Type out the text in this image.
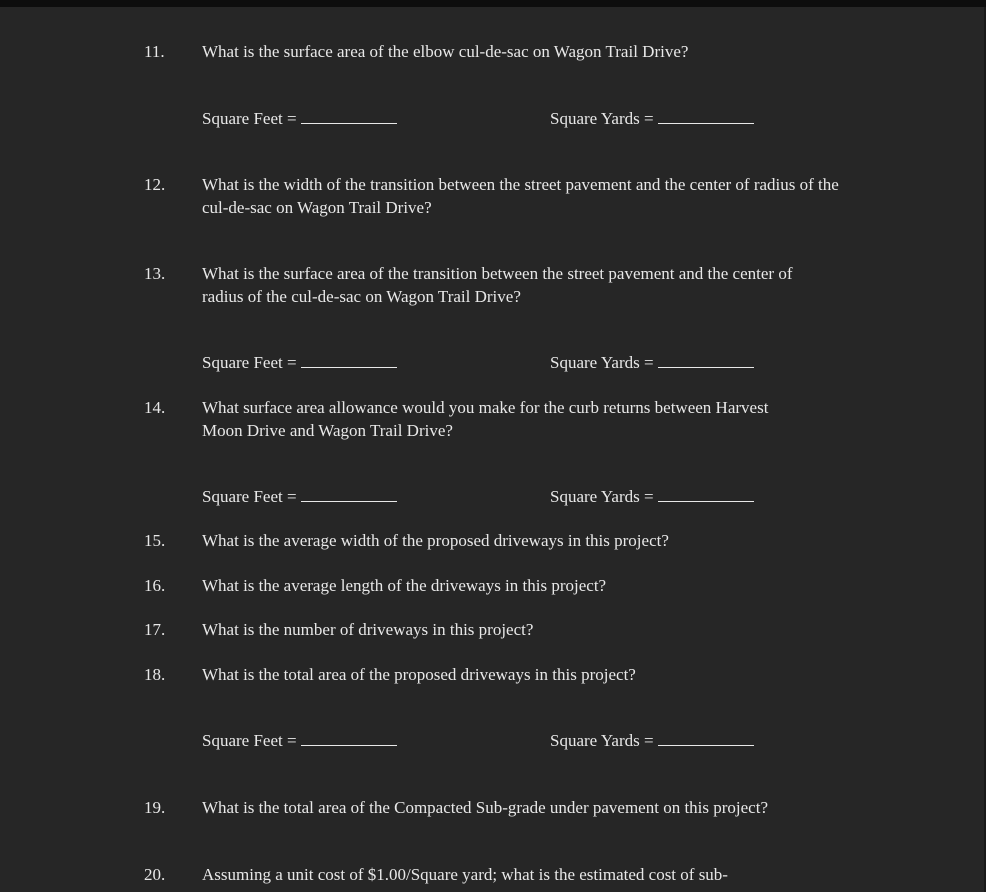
11. What is the surface area of the elbow cul-de-sac on Wagon Trail Drive?
Square Feet =	Square Yards =
12. What is the width of the transition between the street pavement and the center of radius of the cul-de-sac on Wagon Trail Drive?
13. What is the surface area of the transition between the street pavement and the center of radius of the cul-de-sac on Wagon Trail Drive?
Square Feet =	Square Yards =
14. What surface area allowance would you make for the curb returns between Harvest Moon Drive and Wagon Trail Drive?
Square Feet =	Square Yards =
15. What is the average width of the proposed driveways in this project?
16. What is the average length of the driveways in this project?
17. What is the number of driveways in this project?
18. What is the total area of the proposed driveways in this project?
Square Feet =	Square Yards =
19. What is the total area of the Compacted Sub-grade under pavement on this project?
20. Assuming a unit cost of $1.00/Square yard; what is the estimated cost of sub-
